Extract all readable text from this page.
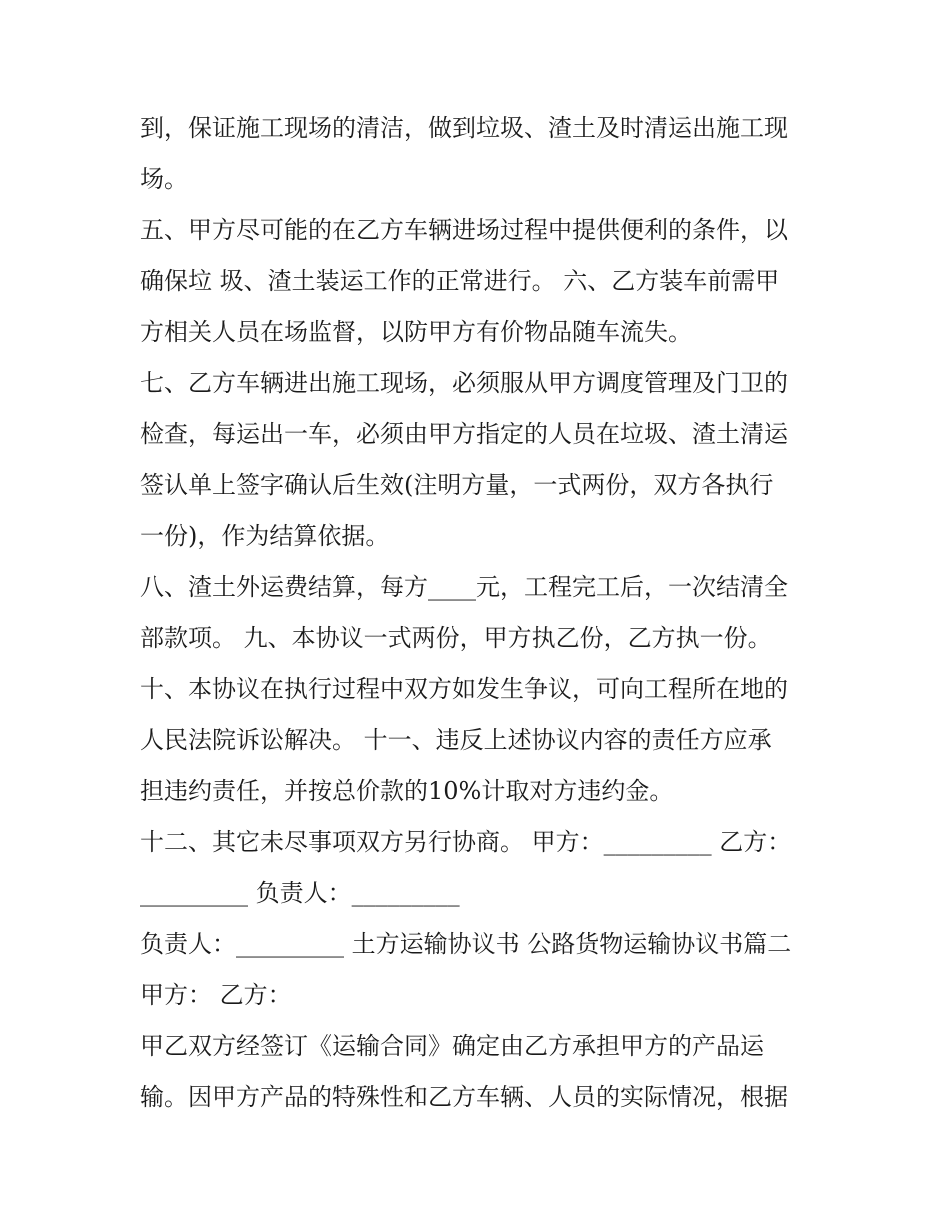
到，保证施工现场的清洁，做到垃圾、渣土及时清运出施工现
场。
五、甲方尽可能的在乙方车辆进场过程中提供便利的条件，以
确保垃 圾、渣土装运工作的正常进行。 六、乙方装车前需甲
方相关人员在场监督，以防甲方有价物品随车流失。
七、乙方车辆进出施工现场，必须服从甲方调度管理及门卫的
检查，每运出一车，必须由甲方指定的人员在垃圾、渣土清运
签认单上签字确认后生效(注明方量，一式两份，双方各执行
一份)，作为结算依据。
八、渣土外运费结算，每方____元，工程完工后，一次结清全
部款项。 九、本协议一式两份，甲方执乙份，乙方执一份。
十、本协议在执行过程中双方如发生争议，可向工程所在地的
人民法院诉讼解决。 十一、违反上述协议内容的责任方应承
担违约责任，并按总价款的10%计取对方违约金。
十二、其它未尽事项双方另行协商。 甲方：_________ 乙方：
_________ 负责人：_________
负责人：_________ 土方运输协议书 公路货物运输协议书篇二
甲方： 乙方：
甲乙双方经签订《运输合同》确定由乙方承担甲方的产品运
输。因甲方产品的特殊性和乙方车辆、人员的实际情况，根据
